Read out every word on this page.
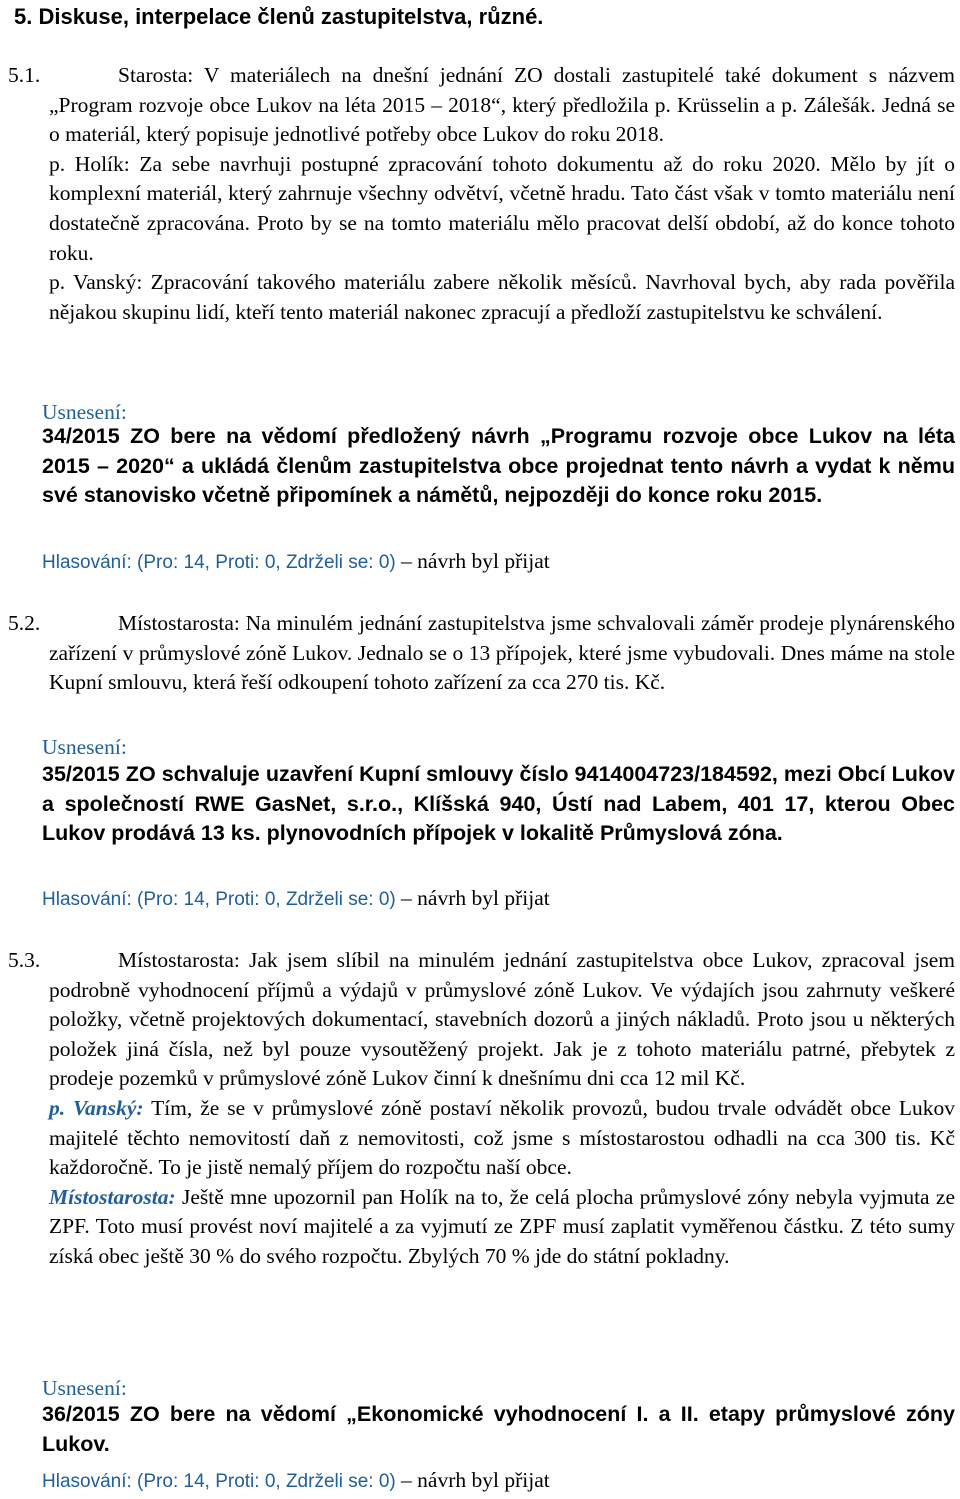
5. Diskuse, interpelace členů zastupitelstva, různé.
5.1.	Starosta: V materiálech na dnešní jednání ZO dostali zastupitelé také dokument s názvem „Program rozvoje obce Lukov na léta 2015 – 2018“, který předložila p. Krüsselin a p. Zálešák. Jedná se o materiál, který popisuje jednotlivé potřeby obce Lukov do roku 2018.

p. Holík: Za sebe navrhuji postupné zpracování tohoto dokumentu až do roku 2020. Mělo by jít o komplexní materiál, který zahrnuje všechny odvětví, včetně hradu. Tato část však v tomto materiálu není dostatečně zpracována. Proto by se na tomto materiálu mělo pracovat delší období, až do konce tohoto roku.

p. Vanský: Zpracování takového materiálu zabere několik měsíců. Navrhoval bych, aby rada pověřila nějakou skupinu lidí, kteří tento materiál nakonec zpracují a předloží zastupitelstvu ke schválení.

Usnesení:
34/2015 ZO bere na vědomí předložený návrh „Programu rozvoje obce Lukov na léta 2015 – 2020“ a ukládá členům zastupitelstva obce projednat tento návrh a vydat k němu své stanovisko včetně připomínek a námětů, nejpozději do konce roku 2015.
Hlasování: (Pro: 14, Proti: 0, Zdrželi se: 0) – návrh byl přijat
5.2.	Místostarosta: Na minulém jednání zastupitelstva jsme schvalovali záměr prodeje plynárenského zařízení v průmyslové zóně Lukov. Jednalo se o 13 přípojek, které jsme vybudovali. Dnes máme na stole Kupní smlouvu, která řeší odkoupení tohoto zařízení za cca 270 tis. Kč.

Usnesení:
35/2015 ZO schvaluje uzavření Kupní smlouvy číslo 9414004723/184592, mezi Obcí Lukov a společností RWE GasNet, s.r.o., Klíšská 940, Ústí nad Labem, 401 17, kterou Obec Lukov prodává 13 ks. plynovodních přípojek v lokalitě Průmyslová zóna.
Hlasování: (Pro: 14, Proti: 0, Zdrželi se: 0) – návrh byl přijat
5.3.	Místostarosta: Jak jsem slíbil na minulém jednání zastupitelstva obce Lukov, zpracoval jsem podrobně vyhodnocení příjmů a výdajů v průmyslové zóně Lukov. Ve výdajích jsou zahrnuty veškeré položky, včetně projektových dokumentací, stavebních dozorů a jiných nákladů. Proto jsou u některých položek jiná čísla, než byl pouze vysoutěžený projekt. Jak je z tohoto materiálu patrné, přebytek z prodeje pozemků v průmyslové zóně Lukov činní k dnešnímu dni cca 12 mil Kč.

p. Vanský: Tím, že se v průmyslové zóně postaví několik provozů, budou trvale odvádět obce Lukov majitelé těchto nemovitostí daň z nemovitosti, což jsme s místostarostou odhadli na cca 300 tis. Kč každoročně. To je jistě nemalý příjem do rozpočtu naší obce.

Místostarosta: Ještě mne upozornil pan Holík na to, že celá plocha průmyslové zóny nebyla vyjmuta ze ZPF. Toto musí provést noví majitelé a za vyjmutí ze ZPF musí zaplatit vyměřenou částku. Z této sumy získá obec ještě 30 % do svého rozpočtu. Zbylých 70 % jde do státní pokladny.

Usnesení:
36/2015 ZO bere na vědomí „Ekonomické vyhodnocení I. a II. etapy průmyslové zóny Lukov.
Hlasování: (Pro: 14, Proti: 0, Zdrželi se: 0) – návrh byl přijat
